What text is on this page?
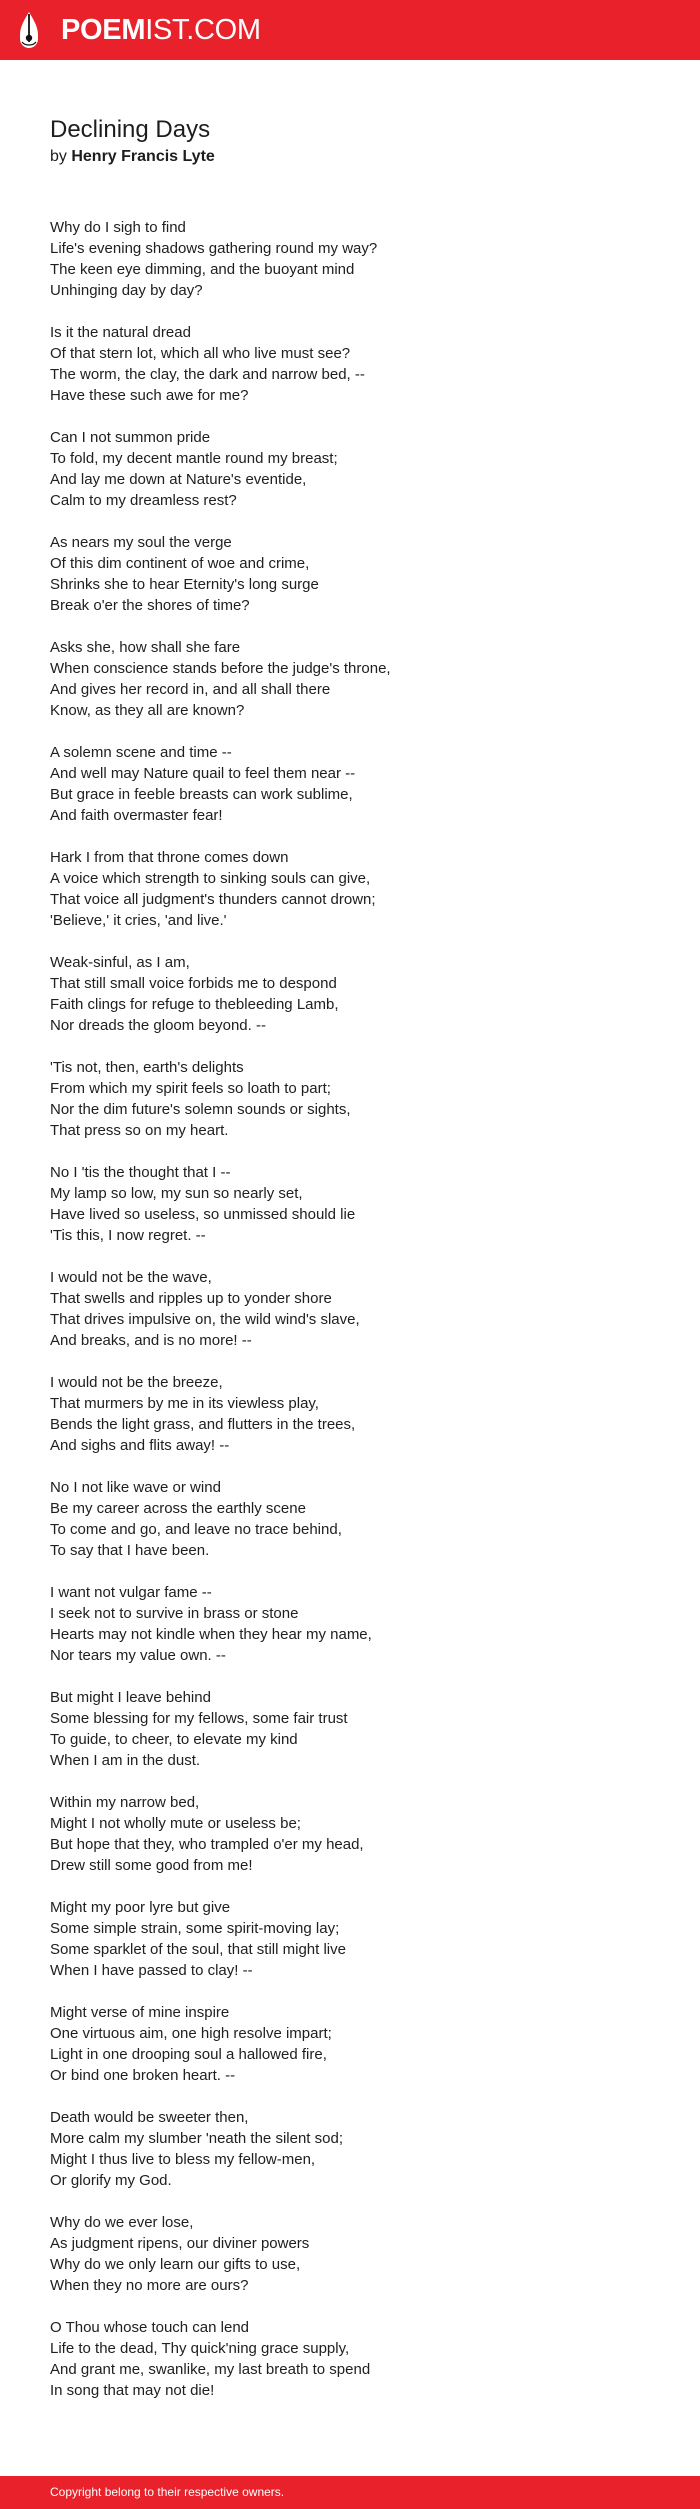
POEMIST.COM
Declining Days
by Henry Francis Lyte

Why do I sigh to find
Life's evening shadows gathering round my way?
The keen eye dimming, and the buoyant mind
Unhinging day by day?

Is it the natural dread
Of that stern lot, which all who live must see?
The worm, the clay, the dark and narrow bed, --
Have these such awe for me?

Can I not summon pride
To fold, my decent mantle round my breast;
And lay me down at Nature's eventide,
Calm to my dreamless rest?

As nears my soul the verge
Of this dim continent of woe and crime,
Shrinks she to hear Eternity's long surge
Break o'er the shores of time?

Asks she, how shall she fare
When conscience stands before the judge's throne,
And gives her record in, and all shall there
Know, as they all are known?

A solemn scene and time --
And well may Nature quail to feel them near --
But grace in feeble breasts can work sublime,
And faith overmaster fear!

Hark I from that throne comes down
A voice which strength to sinking souls can give,
That voice all judgment's thunders cannot drown;
'Believe,' it cries, 'and live.'

Weak-sinful, as I am,
That still small voice forbids me to despond
Faith clings for refuge to thebleeding Lamb,
Nor dreads the gloom beyond. --

'Tis not, then, earth's delights
From which my spirit feels so loath to part;
Nor the dim future's solemn sounds or sights,
That press so on my heart.

No I 'tis the thought that I --
My lamp so low, my sun so nearly set,
Have lived so useless, so unmissed should lie
'Tis this, I now regret. --

I would not be the wave,
That swells and ripples up to yonder shore
That drives impulsive on, the wild wind's slave,
And breaks, and is no more! --

I would not be the breeze,
That murmers by me in its viewless play,
Bends the light grass, and flutters in the trees,
And sighs and flits away! --

No I not like wave or wind
Be my career across the earthly scene
To come and go, and leave no trace behind,
To say that I have been.

I want not vulgar fame --
I seek not to survive in brass or stone
Hearts may not kindle when they hear my name,
Nor tears my value own. --

But might I leave behind
Some blessing for my fellows, some fair trust
To guide, to cheer, to elevate my kind
When I am in the dust.

Within my narrow bed,
Might I not wholly mute or useless be;
But hope that they, who trampled o'er my head,
Drew still some good from me!

Might my poor lyre but give
Some simple strain, some spirit-moving lay;
Some sparklet of the soul, that still might live
When I have passed to clay! --

Might verse of mine inspire
One virtuous aim, one high resolve impart;
Light in one drooping soul a hallowed fire,
Or bind one broken heart. --

Death would be sweeter then,
More calm my slumber 'neath the silent sod;
Might I thus live to bless my fellow-men,
Or glorify my God.

Why do we ever lose,
As judgment ripens, our diviner powers
Why do we only learn our gifts to use,
When they no more are ours?

O Thou whose touch can lend
Life to the dead, Thy quick'ning grace supply,
And grant me, swanlike, my last breath to spend
In song that may not die!

Copyright belong to their respective owners.
